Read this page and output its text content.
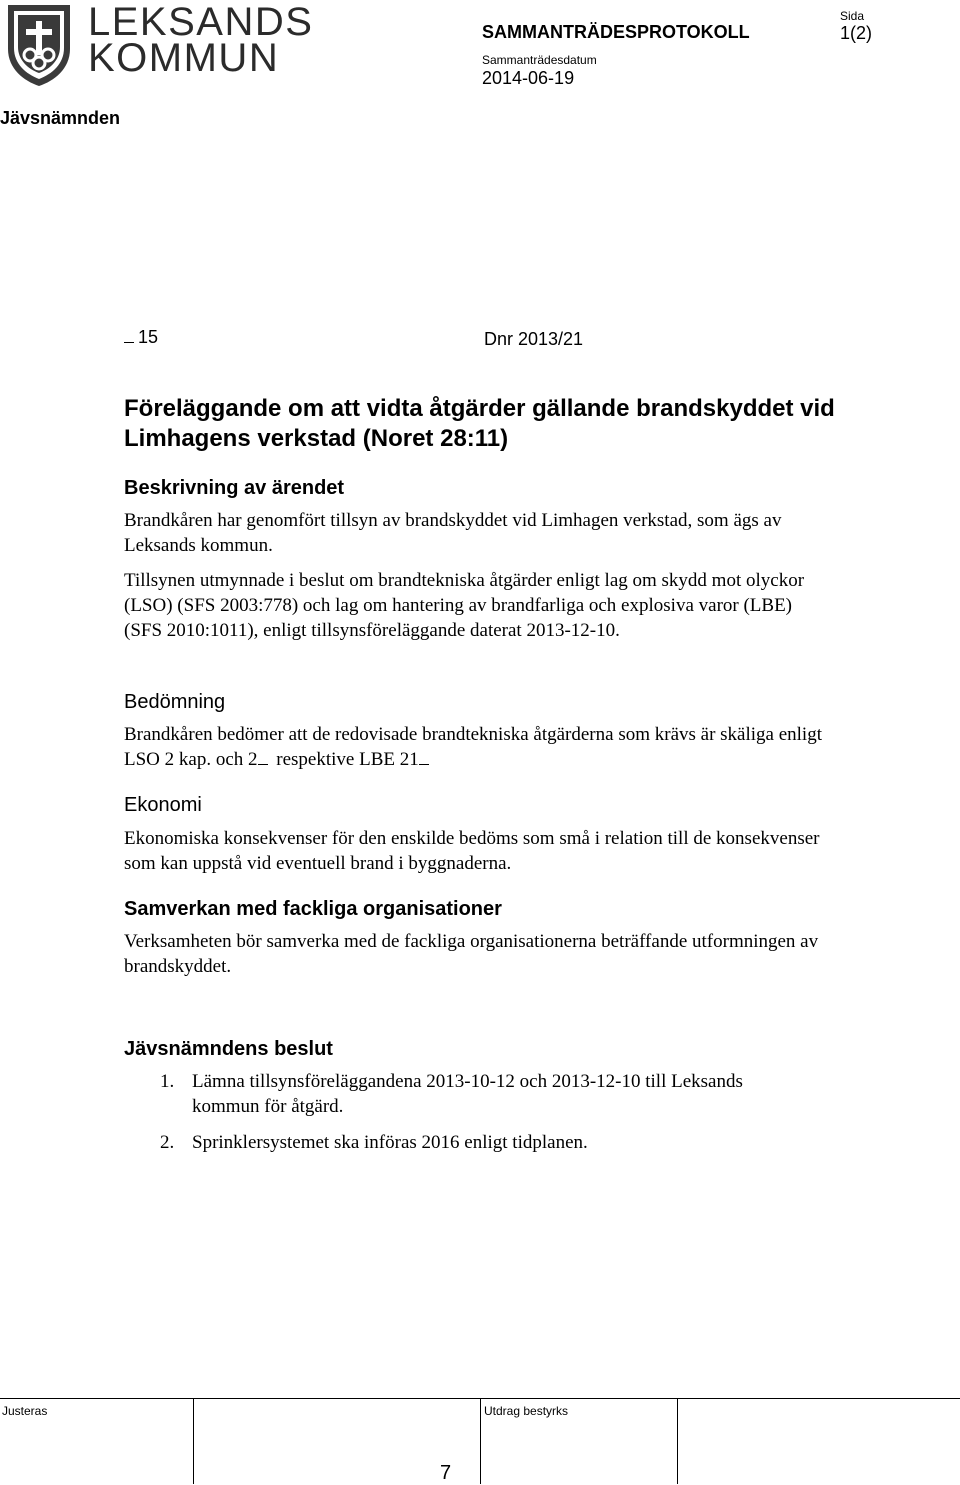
LEKSANDS
KOMMUN
SAMMANTRÄDESPROTOKOLL
Sida
1(2)
Sammanträdesdatum
2014-06-19
Jävsnämnden
15	Dnr 2013/21
Föreläggande om att vidta åtgärder gällande brandskyddet vid Limhagens verkstad (Noret 28:11)
Beskrivning av ärendet
Brandkåren har genomfört tillsyn av brandskyddet vid Limhagen verkstad, som ägs av Leksands kommun.
Tillsynen utmynnade i beslut om brandtekniska åtgärder enligt lag om skydd mot olyckor (LSO) (SFS 2003:778) och lag om hantering av brandfarliga och explosiva varor (LBE) (SFS 2010:1011), enligt tillsynsföreläggande daterat 2013-12-10.
Bedömning
Brandkåren bedömer att de redovisade brandtekniska åtgärderna som krävs är skäliga enligt LSO 2 kap. och 2 respektive LBE 21
Ekonomi
Ekonomiska konsekvenser för den enskilde bedöms som små i relation till de konsekvenser som kan uppstå vid eventuell brand i byggnaderna.
Samverkan med fackliga organisationer
Verksamheten bör samverka med de fackliga organisationerna beträffande utformningen av brandskyddet.
Jävsnämndens beslut
1. Lämna tillsynsföreläggandena 2013-10-12 och 2013-12-10 till Leksands kommun för åtgärd.
2. Sprinklersystemet ska införas 2016 enligt tidplanen.
Justeras	Utdrag bestyrks
7
